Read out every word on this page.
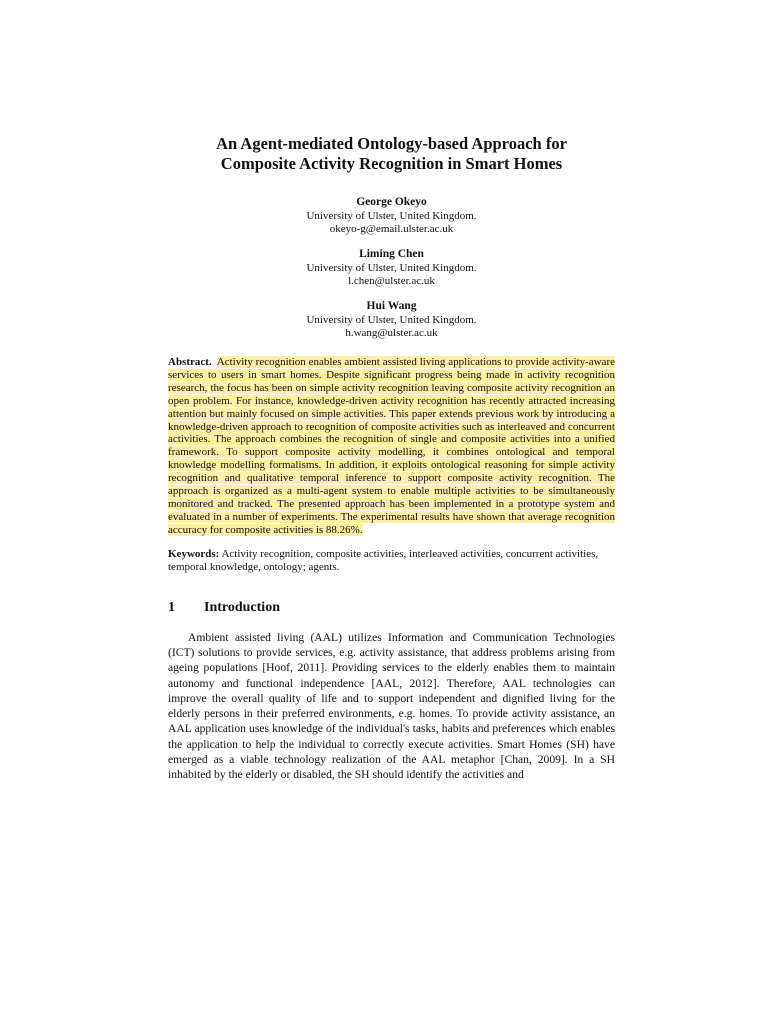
An Agent-mediated Ontology-based Approach for
Composite Activity Recognition in Smart Homes
George Okeyo
University of Ulster, United Kingdom.
okeyo-g@email.ulster.ac.uk
Liming Chen
University of Ulster, United Kingdom.
l.chen@ulster.ac.uk
Hui Wang
University of Ulster, United Kingdom.
h.wang@ulster.ac.uk
Abstract. Activity recognition enables ambient assisted living applications to provide activity-aware services to users in smart homes. Despite significant progress being made in activity recognition research, the focus has been on simple activity recognition leaving composite activity recognition an open problem. For instance, knowledge-driven activity recognition has recently attracted increasing attention but mainly focused on simple activities. This paper extends previous work by introducing a knowledge-driven approach to recognition of composite activities such as interleaved and concurrent activities. The approach combines the recognition of single and composite activities into a unified framework. To support composite activity modelling, it combines ontological and temporal knowledge modelling formalisms. In addition, it exploits ontological reasoning for simple activity recognition and qualitative temporal inference to support composite activity recognition. The approach is organized as a multi-agent system to enable multiple activities to be simultaneously monitored and tracked. The presented approach has been implemented in a prototype system and evaluated in a number of experiments. The experimental results have shown that average recognition accuracy for composite activities is 88.26%.
Keywords: Activity recognition, composite activities, interleaved activities, concurrent activities, temporal knowledge, ontology; agents.
1	Introduction
Ambient assisted living (AAL) utilizes Information and Communication Technologies (ICT) solutions to provide services, e.g. activity assistance, that address problems arising from ageing populations [Hoof, 2011]. Providing services to the elderly enables them to maintain autonomy and functional independence [AAL, 2012]. Therefore, AAL technologies can improve the overall quality of life and to support independent and dignified living for the elderly persons in their preferred environments, e.g. homes. To provide activity assistance, an AAL application uses knowledge of the individual's tasks, habits and preferences which enables the application to help the individual to correctly execute activities. Smart Homes (SH) have emerged as a viable technology realization of the AAL metaphor [Chan, 2009]. In a SH inhabited by the elderly or disabled, the SH should identify the activities and
